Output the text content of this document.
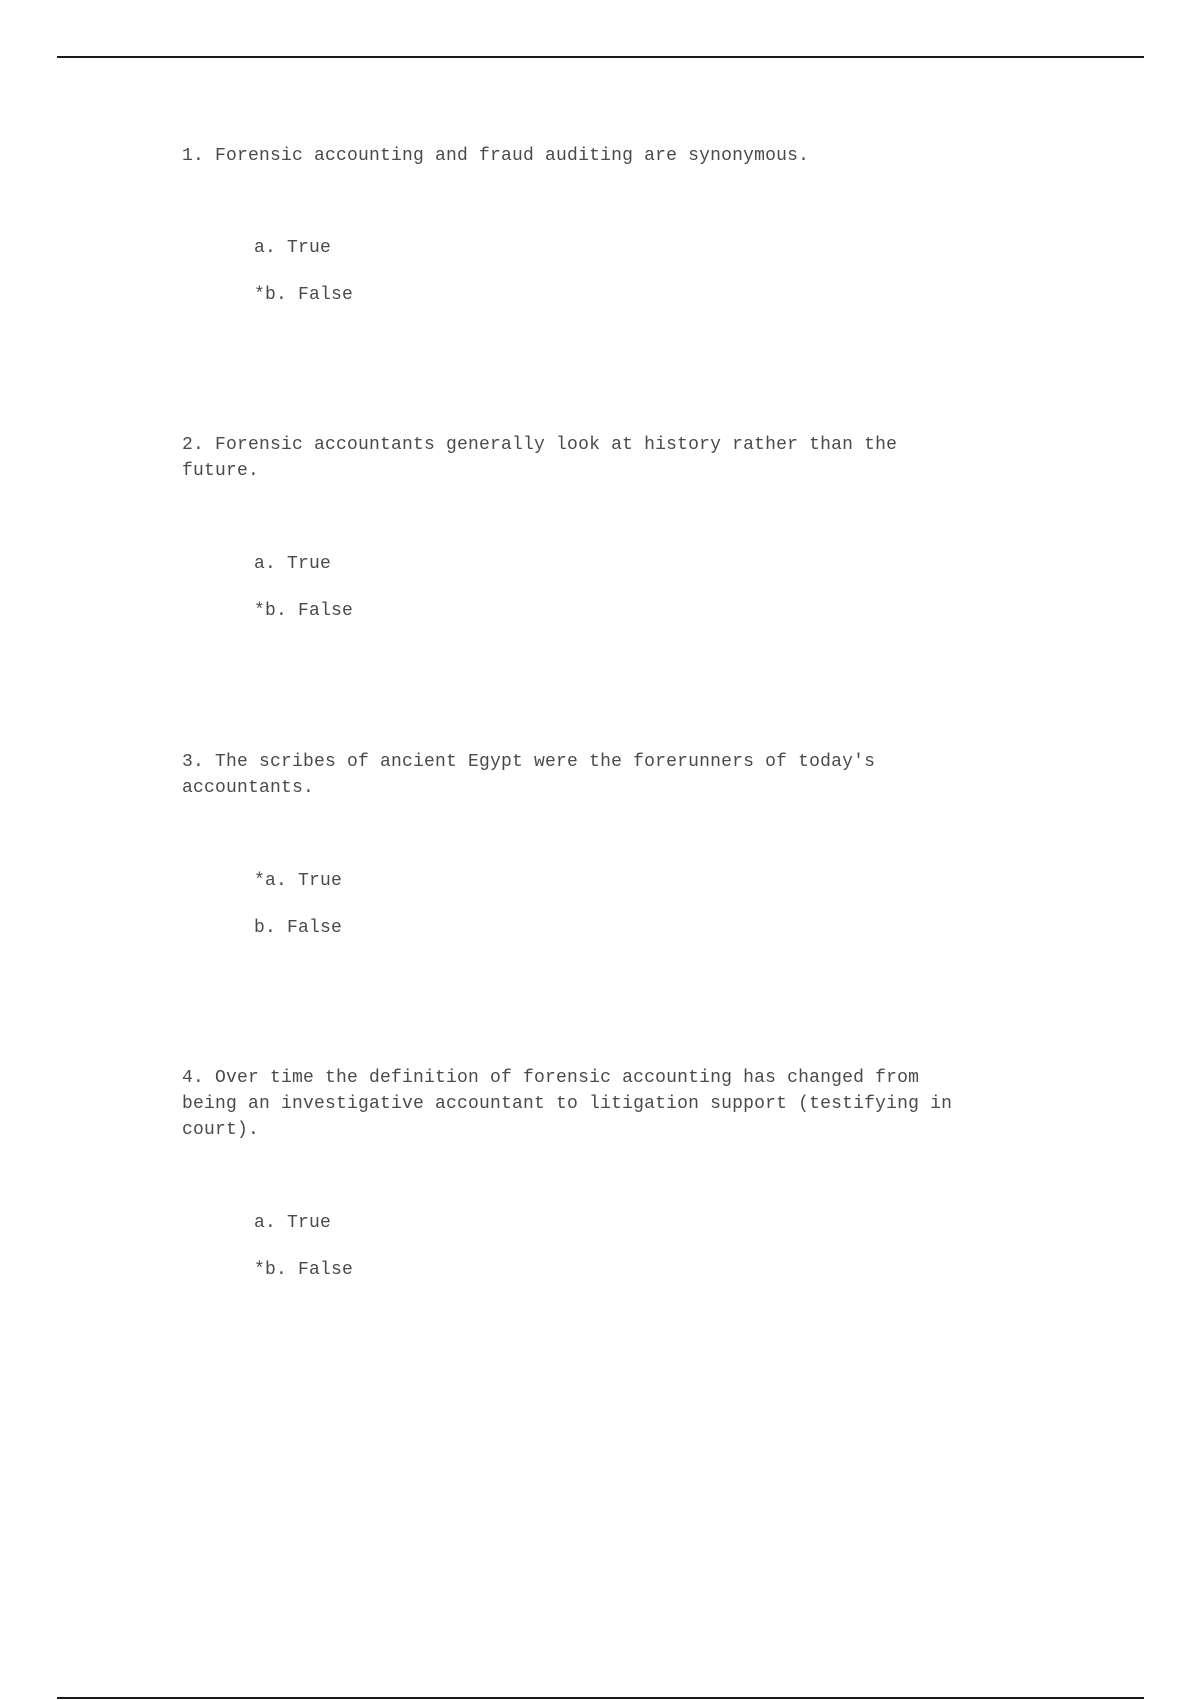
1. Forensic accounting and fraud auditing are synonymous.

a. True
*b. False

2. Forensic accountants generally look at history rather than the
future.

a. True
*b. False

3. The scribes of ancient Egypt were the forerunners of today's
accountants.

*a. True
b. False

4. Over time the definition of forensic accounting has changed from
being an investigative accountant to litigation support (testifying in
court).

a. True
*b. False
